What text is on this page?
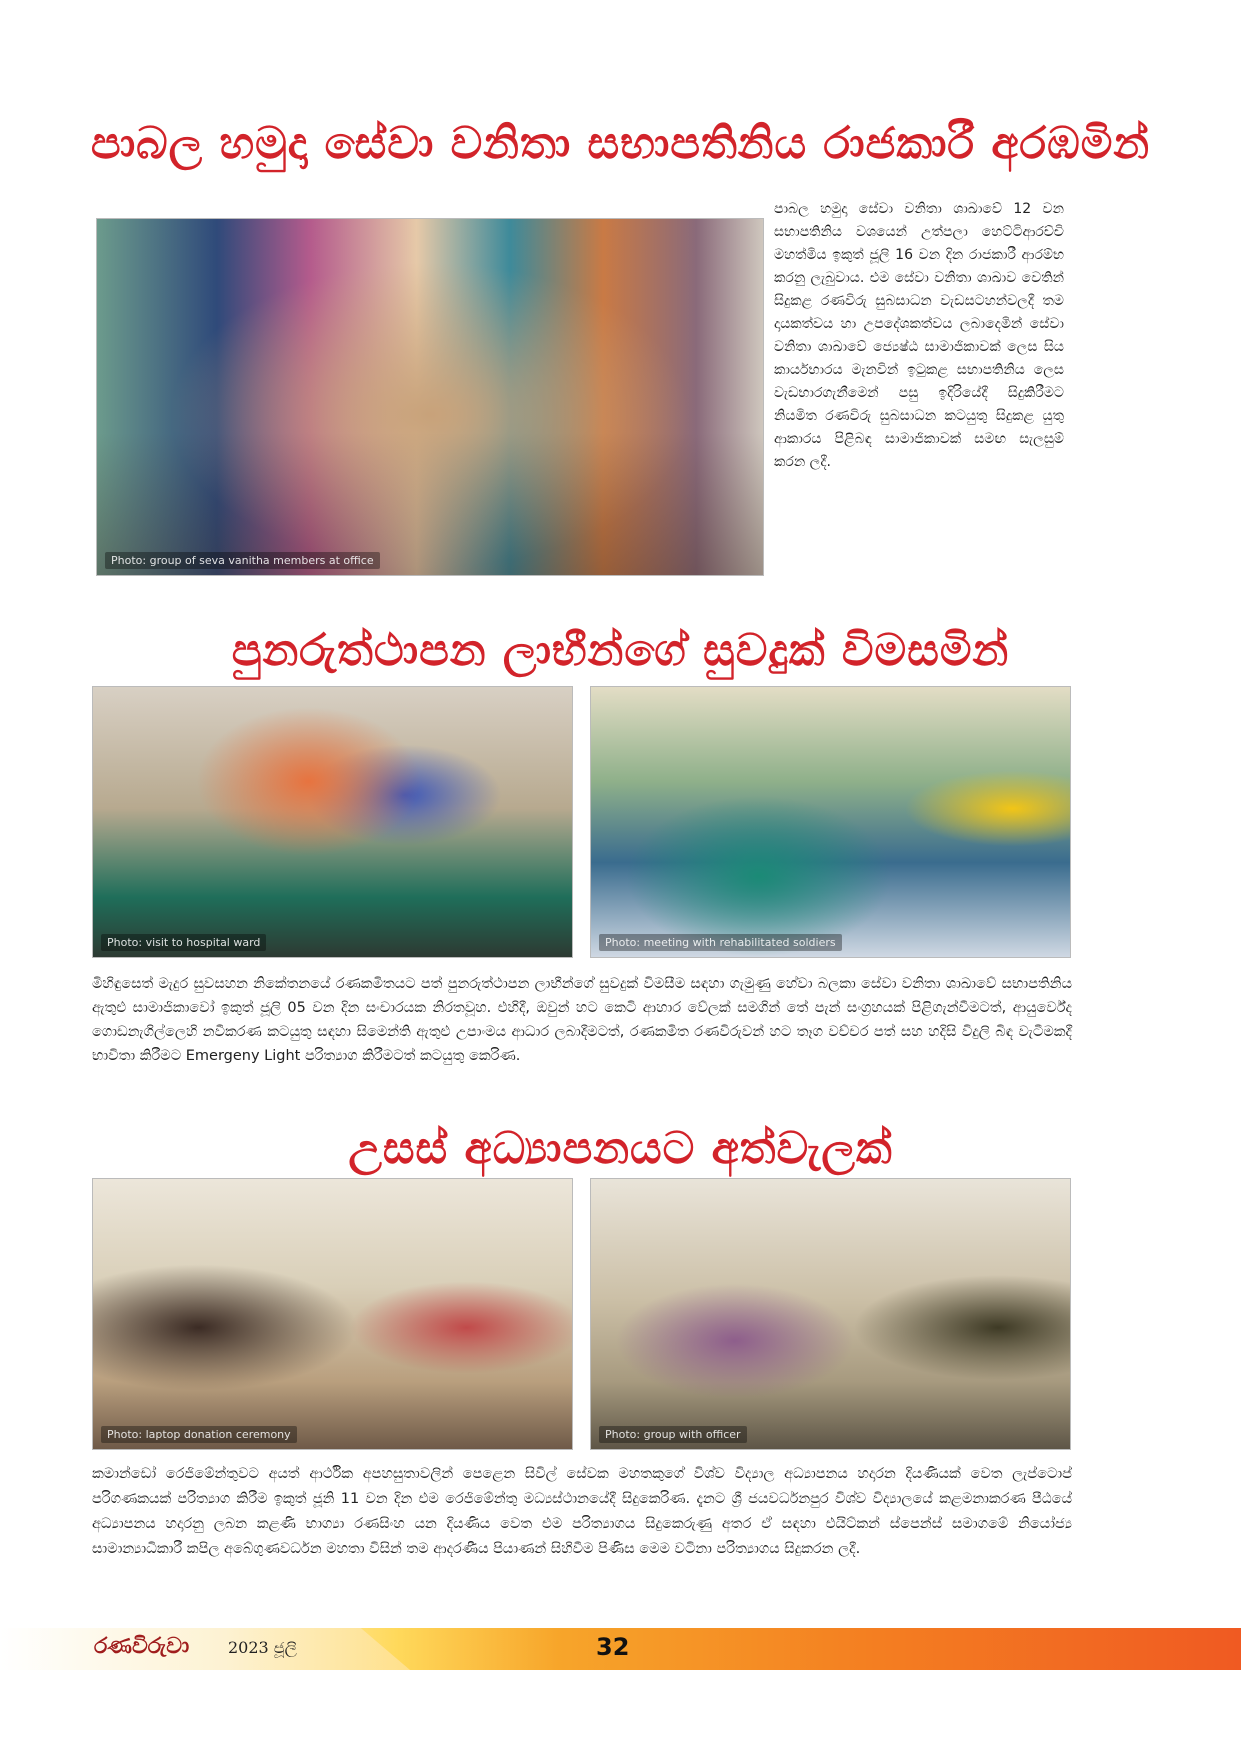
පාබල හමුදා සේවා වනිතා සභාපතිනිය රාජකාරී අරඹමින්
Photo: group of seva vanitha members at office

පාබල හමුදා සේවා වනිතා ශාඛාවේ 12 වන සභාපතිනිය වශයෙන් උත්පලා හෙට්ටිආරච්චි මහත්මිය ඉකුත් ජූලි 16 වන දින රාජකාරී ආරම්භ කරනු ලැබුවාය. එම සේවා වනිතා ශාඛාව වෙතින් සිදුකළ රණවිරු සුබසාධන වැඩසටහන්වලදී තම දායකත්වය හා උපදේශකත්වය ලබාදෙමින් සේවා වනිතා ශාඛාවේ ජ්‍යෙෂ්ඨ සාමාජිකාවක් ලෙස සිය කාර්යභාරය මැනවින් ඉටුකළ සභාපතිනිය ලෙස වැඩභාරගැනීමෙන් පසු ඉදිරියේදී සිදුකිරීමට නියමිත රණවිරු සුබසාධන කටයුතු සිදුකළ යුතු ආකාරය පිළිබඳ සාමාජිකාවක් සමඟ සැලසුම් කරන ලදී.

පුනරුත්ථාපන ලාභීන්ගේ සුවදුක් විමසමින්
Photo: visit to hospital ward	Photo: meeting with rehabilitated soldiers

මිහිඳුසෙත් මැදුර සුවසහන නිකේතනයේ රණකමිතයට පත් පුනරුත්ථාපන ලාභීන්ගේ සුවදුක් විමසීම සඳහා ගැමුණු හේවා බලකා සේවා වනිතා ශාඛාවේ සභාපතිනිය ඇතුළු සාමාජිකාවෝ ඉකුත් ජූලි 05 වන දින සංචාරයක නිරතවූහ. එහිදී, ඔවුන් හට කෙටි ආහාර වේලක් සමගින් තේ පැන් සංග්‍රහයක් පිළිගැන්වීමටත්, ආයුර්වේද ගොඩනැගිල්ලෙහි නවීකරණ කටයුතු සඳහා සිමෙන්ති ඇතුළු උපාංමය ආධාර ලබාදීමටත්, රණකමිත රණවිරුවන් හට තෑග වච්චර පත් සහ හදිසි විදුලි බිඳ වැටීමකදී භාවිතා කිරීමට Emergeny Light පරිත්‍යාග කිරීමටත් කටයුතු කෙරිණ.

උසස් අධ්‍යාපනයට අත්වැලක්
Photo: laptop donation ceremony	Photo: group with officer

කමාන්ඩෝ රෙජිමේන්තුවට අයත් ආර්ථික අපහසුතාවලින් පෙළෙන සිවිල් සේවක මහතකුගේ විශ්ව විද්‍යාල අධ්‍යාපනය හදාරන දියණියක් වෙත ලැප්ටොප් පරිගණකයක් පරිත්‍යාග කිරීම ඉකුත් ජූනි 11 වන දින එම රෙජිමේන්තු මධ්‍යස්ථානයේදී සිදුකෙරිණ. දැනට ශ්‍රී ජයවර්ධනපුර විශ්ව විද්‍යාලයේ කළමනාකරණ පීඨයේ අධ්‍යාපනය හදාරනු ලබන කළණි භාග්‍යා රණසිංහ යන දියණිය වෙත එම පරිත්‍යාගය සිදුකෙරුණු අතර ඒ සඳහා එයිට්කන් ස්පෙන්ස් සමාගමේ නියෝජ්‍ය සාමාන්‍යාධිකාරී කපිල අබේගුණවර්ධන මහතා විසින් තම ආදරණීය පියාණන් සිහිවීම පිණිස මෙම වටිනා පරිත්‍යාගය සිදුකරන ලදී.

රණවිරුවා 2023 ජූලි	32
